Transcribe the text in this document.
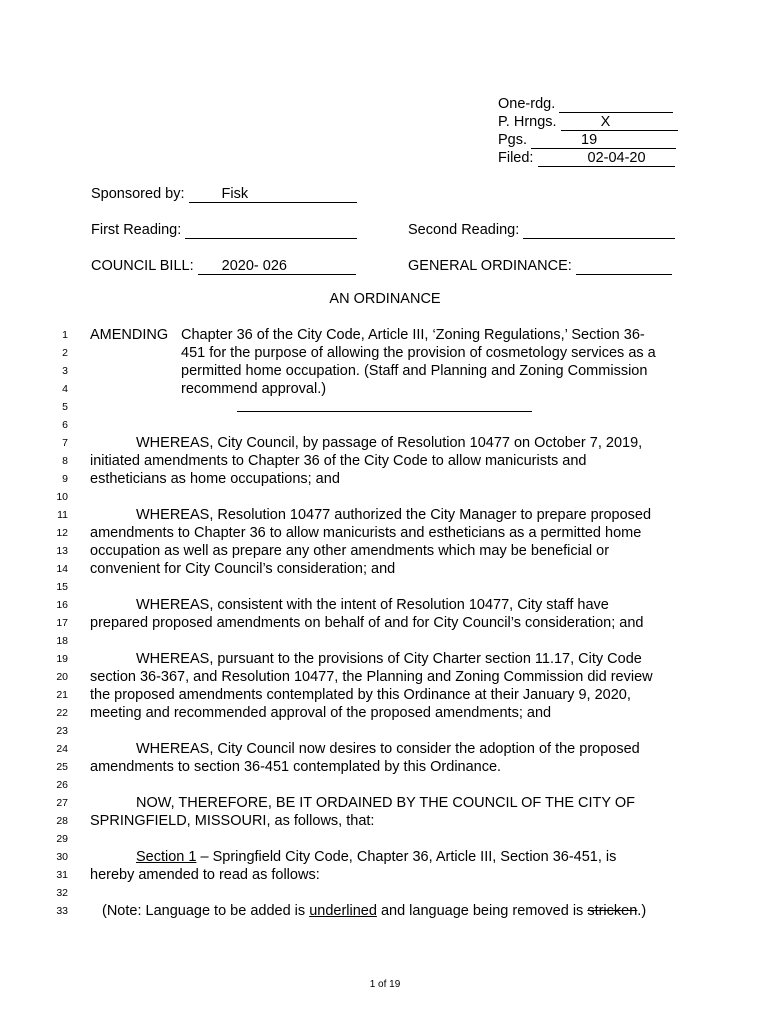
One-rdg.
P. Hrngs.	X
Pgs.	19
Filed:	02-04-20
Sponsored by:	Fisk
First Reading:	Second Reading:
COUNCIL BILL: 2020- 026	GENERAL ORDINANCE:
AN ORDINANCE
1
2
3
4
5
6
7
8
9
10
11
12
13
14
15
16
17
18
19
20
21
22
23
24
25
26
27
28
29
30
31
32
33
AMENDING Chapter 36 of the City Code, Article III, ‘Zoning Regulations,’ Section 36-
451 for the purpose of allowing the provision of cosmetology services as a
permitted home occupation. (Staff and Planning and Zoning Commission
recommend approval.)
WHEREAS, City Council, by passage of Resolution 10477 on October 7, 2019,
initiated amendments to Chapter 36 of the City Code to allow manicurists and
estheticians as home occupations; and
WHEREAS, Resolution 10477 authorized the City Manager to prepare proposed
amendments to Chapter 36 to allow manicurists and estheticians as a permitted home
occupation as well as prepare any other amendments which may be beneficial or
convenient for City Council’s consideration; and
WHEREAS, consistent with the intent of Resolution 10477, City staff have
prepared proposed amendments on behalf of and for City Council’s consideration; and
WHEREAS, pursuant to the provisions of City Charter section 11.17, City Code
section 36-367, and Resolution 10477, the Planning and Zoning Commission did review
the proposed amendments contemplated by this Ordinance at their January 9, 2020,
meeting and recommended approval of the proposed amendments; and
WHEREAS, City Council now desires to consider the adoption of the proposed
amendments to section 36-451 contemplated by this Ordinance.
NOW, THEREFORE, BE IT ORDAINED BY THE COUNCIL OF THE CITY OF
SPRINGFIELD, MISSOURI, as follows, that:
Section 1 – Springfield City Code, Chapter 36, Article III, Section 36-451, is
hereby amended to read as follows:
(Note: Language to be added is underlined and language being removed is stricken.)
1 of 19
